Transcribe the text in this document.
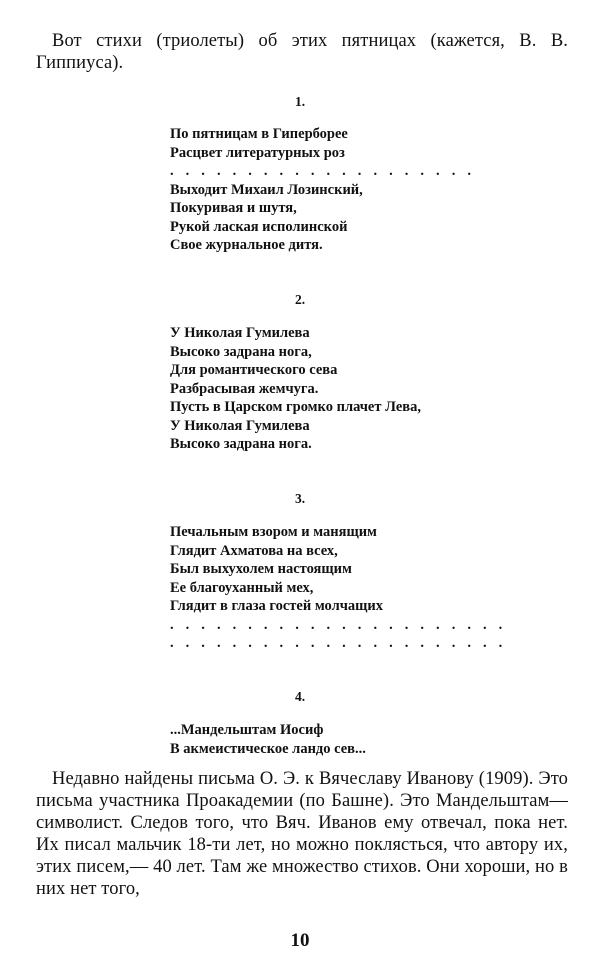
Вот стихи (триолеты) об этих пятницах (кажется, В. В. Гиппиуса).
1.
По пятницам в Гиперборее
Расцвет литературных роз
. . . . . . . . . . . . . . . . . . . .
Выходит Михаил Лозинский,
Покуривая и шутя,
Рукой лаская исполинской
Свое журнальное дитя.
2.
У Николая Гумилева
Высоко задрана нога,
Для романтического сева
Разбрасывая жемчуга.
Пусть в Царском громко плачет Лева,
У Николая Гумилева
Высоко задрана нога.
3.
Печальным взором и манящим
Глядит Ахматова на всех,
Был выхухолем настоящим
Ее благоуханный мех,
Глядит в глаза гостей молчащих
. . . . . . . . . . . . . . . . . . . . . .
. . . . . . . . . . . . . . . . . . . . . .
4.
...Мандельштам Иосиф
В акмеистическое ландо сев...
Недавно найдены письма О. Э. к Вячеславу Иванову (1909). Это письма участника Проакадемии (по Башне). Это Мандельштам—символист. Следов того, что Вяч. Иванов ему отвечал, пока нет. Их писал мальчик 18-ти лет, но можно поклясться, что автору их, этих писем,— 40 лет. Там же множество стихов. Они хороши, но в них нет того,
10
